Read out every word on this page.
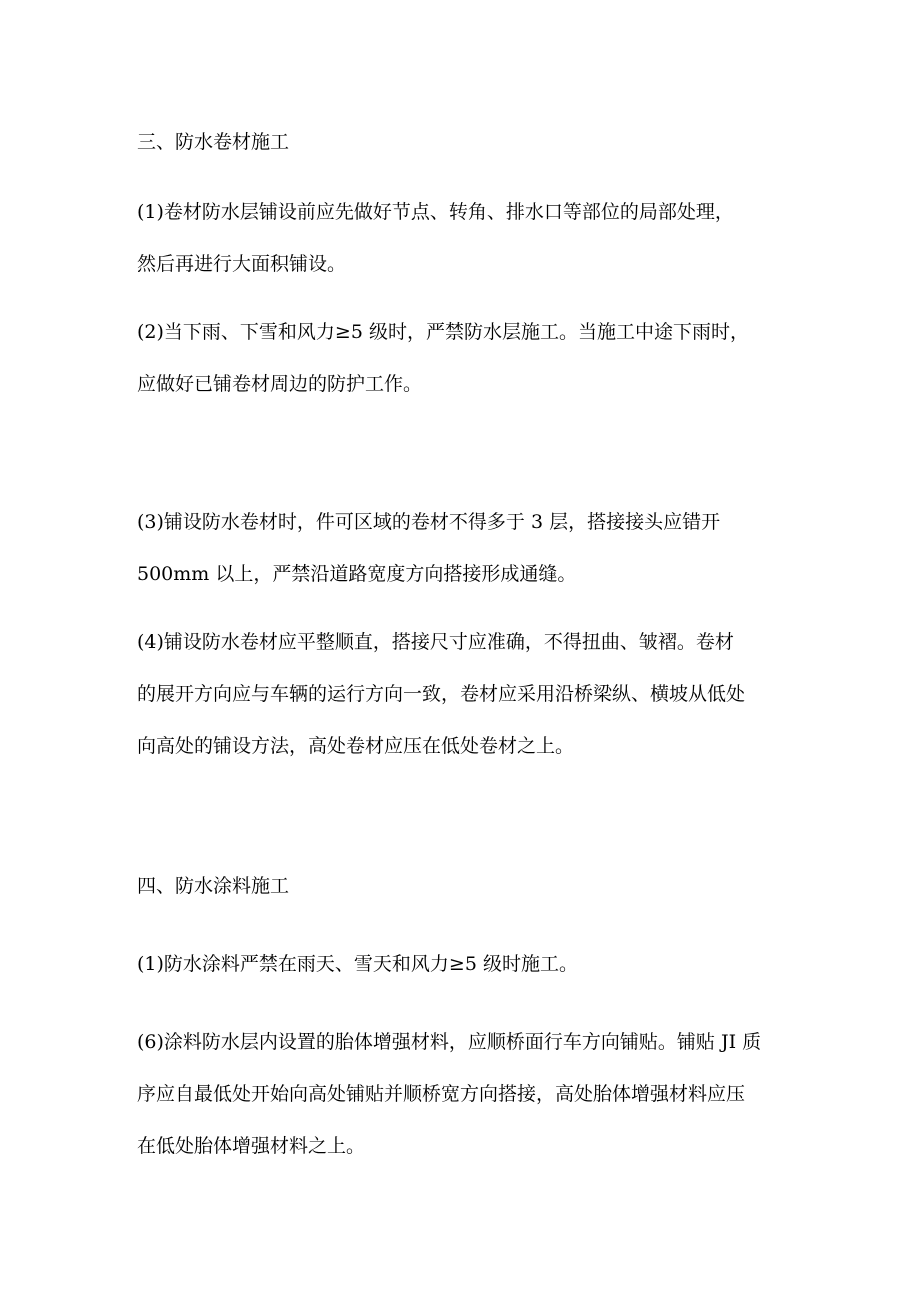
三、防水卷材施工

(1)卷材防水层铺设前应先做好节点、转角、排水口等部位的局部处理，
然后再进行大面积铺设。

(2)当下雨、下雪和风力≥5 级时，严禁防水层施工。当施工中途下雨时，
应做好已铺卷材周边的防护工作。

(3)铺设防水卷材时，件可区域的卷材不得多于 3 层，搭接接头应错开
500mm 以上，严禁沿道路宽度方向搭接形成通缝。

(4)铺设防水卷材应平整顺直，搭接尺寸应准确，不得扭曲、皱褶。卷材
的展开方向应与车辆的运行方向一致，卷材应采用沿桥梁纵、横坡从低处
向高处的铺设方法，高处卷材应压在低处卷材之上。

四、防水涂料施工

(1)防水涂料严禁在雨天、雪天和风力≥5 级时施工。

(6)涂料防水层内设置的胎体增强材料，应顺桥面行车方向铺贴。铺贴 JI 质
序应自最低处开始向高处铺贴并顺桥宽方向搭接，高处胎体增强材料应压
在低处胎体增强材料之上。
